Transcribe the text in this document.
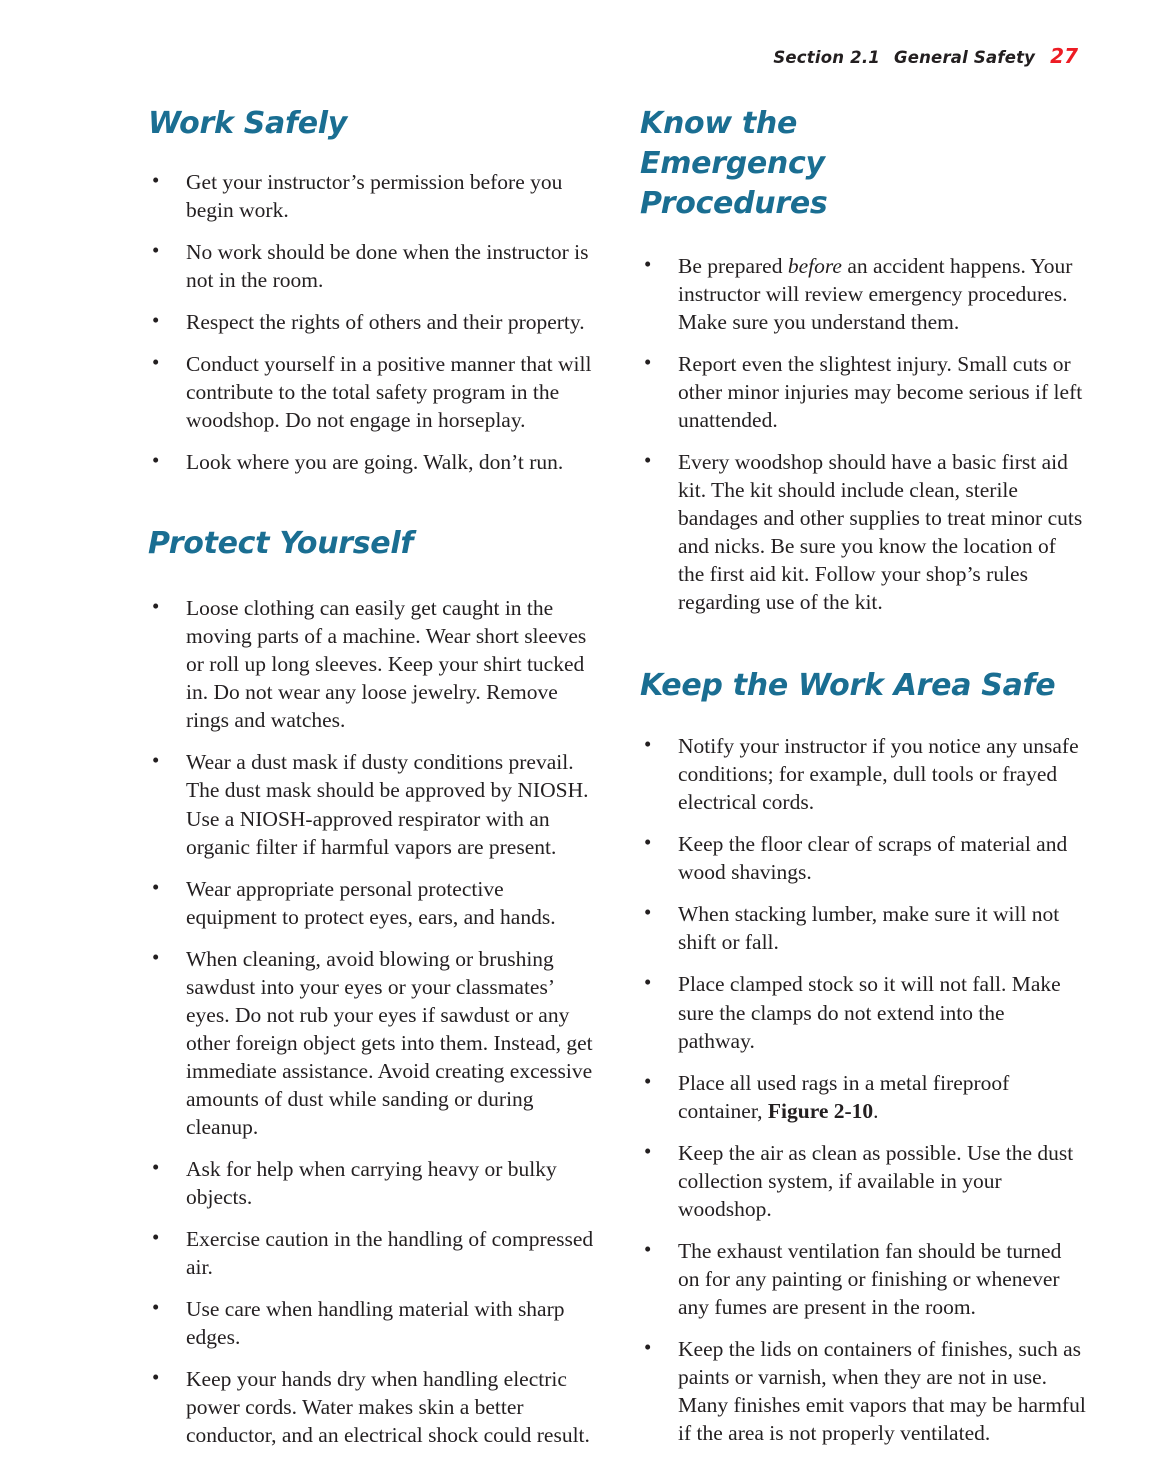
Section 2.1 General Safety 27
Work Safely
• Get your instructor’s permission before you begin work.
• No work should be done when the instructor is not in the room.
• Respect the rights of others and their property.
• Conduct yourself in a positive manner that will contribute to the total safety program in the woodshop. Do not engage in horseplay.
• Look where you are going. Walk, don’t run.
Protect Yourself
• Loose clothing can easily get caught in the moving parts of a machine. Wear short sleeves or roll up long sleeves. Keep your shirt tucked in. Do not wear any loose jewelry. Remove rings and watches.
• Wear a dust mask if dusty conditions prevail. The dust mask should be approved by NIOSH. Use a NIOSH-approved respirator with an organic filter if harmful vapors are present.
• Wear appropriate personal protective equipment to protect eyes, ears, and hands.
• When cleaning, avoid blowing or brushing sawdust into your eyes or your classmates’ eyes. Do not rub your eyes if sawdust or any other foreign object gets into them. Instead, get immediate assistance. Avoid creating excessive amounts of dust while sanding or during cleanup.
• Ask for help when carrying heavy or bulky objects.
• Exercise caution in the handling of compressed air.
• Use care when handling material with sharp edges.
• Keep your hands dry when handling electric power cords. Water makes skin a better conductor, and an electrical shock could result.
Know the Emergency Procedures
• Be prepared before an accident happens. Your instructor will review emergency procedures. Make sure you understand them.
• Report even the slightest injury. Small cuts or other minor injuries may become serious if left unattended.
• Every woodshop should have a basic first aid kit. The kit should include clean, sterile bandages and other supplies to treat minor cuts and nicks. Be sure you know the location of the first aid kit. Follow your shop’s rules regarding use of the kit.
Keep the Work Area Safe
• Notify your instructor if you notice any unsafe conditions; for example, dull tools or frayed electrical cords.
• Keep the floor clear of scraps of material and wood shavings.
• When stacking lumber, make sure it will not shift or fall.
• Place clamped stock so it will not fall. Make sure the clamps do not extend into the pathway.
• Place all used rags in a metal fireproof container, Figure 2-10.
• Keep the air as clean as possible. Use the dust collection system, if available in your woodshop.
• The exhaust ventilation fan should be turned on for any painting or finishing or whenever any fumes are present in the room.
• Keep the lids on containers of finishes, such as paints or varnish, when they are not in use. Many finishes emit vapors that may be harmful if the area is not properly ventilated.
